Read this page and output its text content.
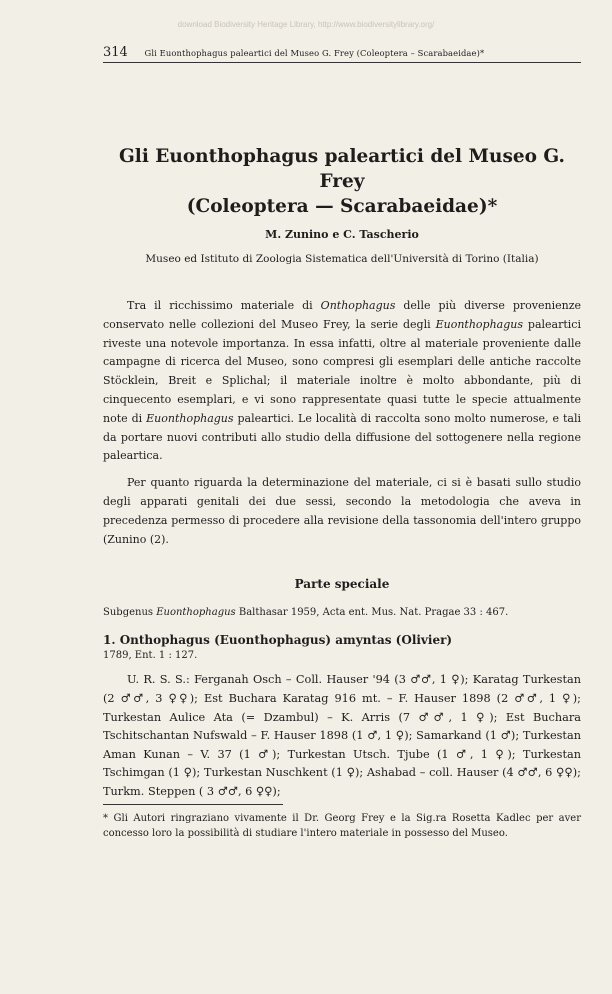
download Biodiversity Heritage Library, http://www.biodiversitylibrary.org/
314 Gli Euonthophagus paleartici del Museo G. Frey (Coleoptera – Scarabaeidae)*
Gli Euonthophagus paleartici del Museo G. Frey
(Coleoptera — Scarabaeidae)*
M. Zunino e C. Tascherio
Museo ed Istituto di Zoologia Sistematica dell'Università di Torino (Italia)

Tra il ricchissimo materiale di Onthophagus delle più diverse provenienze conservato nelle collezioni del Museo Frey, la serie degli Euonthophagus paleartici riveste una notevole importanza. In essa infatti, oltre al materiale proveniente dalle campagne di ricerca del Museo, sono compresi gli esemplari delle antiche raccolte Stöcklein, Breit e Splichal; il materiale inoltre è molto abbondante, più di cinquecento esemplari, e vi sono rappresentate quasi tutte le specie attualmente note di Euonthophagus paleartici. Le località di raccolta sono molto numerose, e tali da portare nuovi contributi allo studio della diffusione del sottogenere nella regione paleartica.

Per quanto riguarda la determinazione del materiale, ci si è basati sullo studio degli apparati genitali dei due sessi, secondo la metodologia che aveva in precedenza permesso di procedere alla revisione della tassonomia dell'intero gruppo (Zunino (2).

Parte speciale
Subgenus Euonthophagus Balthasar 1959, Acta ent. Mus. Nat. Pragae 33 : 467.
1. Onthophagus (Euonthophagus) amyntas (Olivier)
1789, Ent. 1 : 127.

U. R. S. S.: Ferganah Osch – Coll. Hauser '94 (3 ♂♂, 1 ♀); Karatag Turkestan (2 ♂♂, 3 ♀♀); Est Buchara Karatag 916 mt. – F. Hauser 1898 (2 ♂♂, 1 ♀); Turkestan Aulice Ata (= Dzambul) – K. Arris (7 ♂♂, 1 ♀); Est Buchara Tschitschantan Nufswald – F. Hauser 1898 (1 ♂, 1 ♀); Samarkand (1 ♂); Turkestan Aman Kunan – V. 37 (1 ♂); Turkestan Utsch. Tjube (1 ♂, 1 ♀); Turkestan Tschimgan (1 ♀); Turkestan Nuschkent (1 ♀); Ashabad – coll. Hauser (4 ♂♂, 6 ♀♀); Turkm. Steppen ( 3 ♂♂, 6 ♀♀);

* Gli Autori ringraziano vivamente il Dr. Georg Frey e la Sig.ra Rosetta Kadlec per aver concesso loro la possibilità di studiare l'intero materiale in possesso del Museo.
